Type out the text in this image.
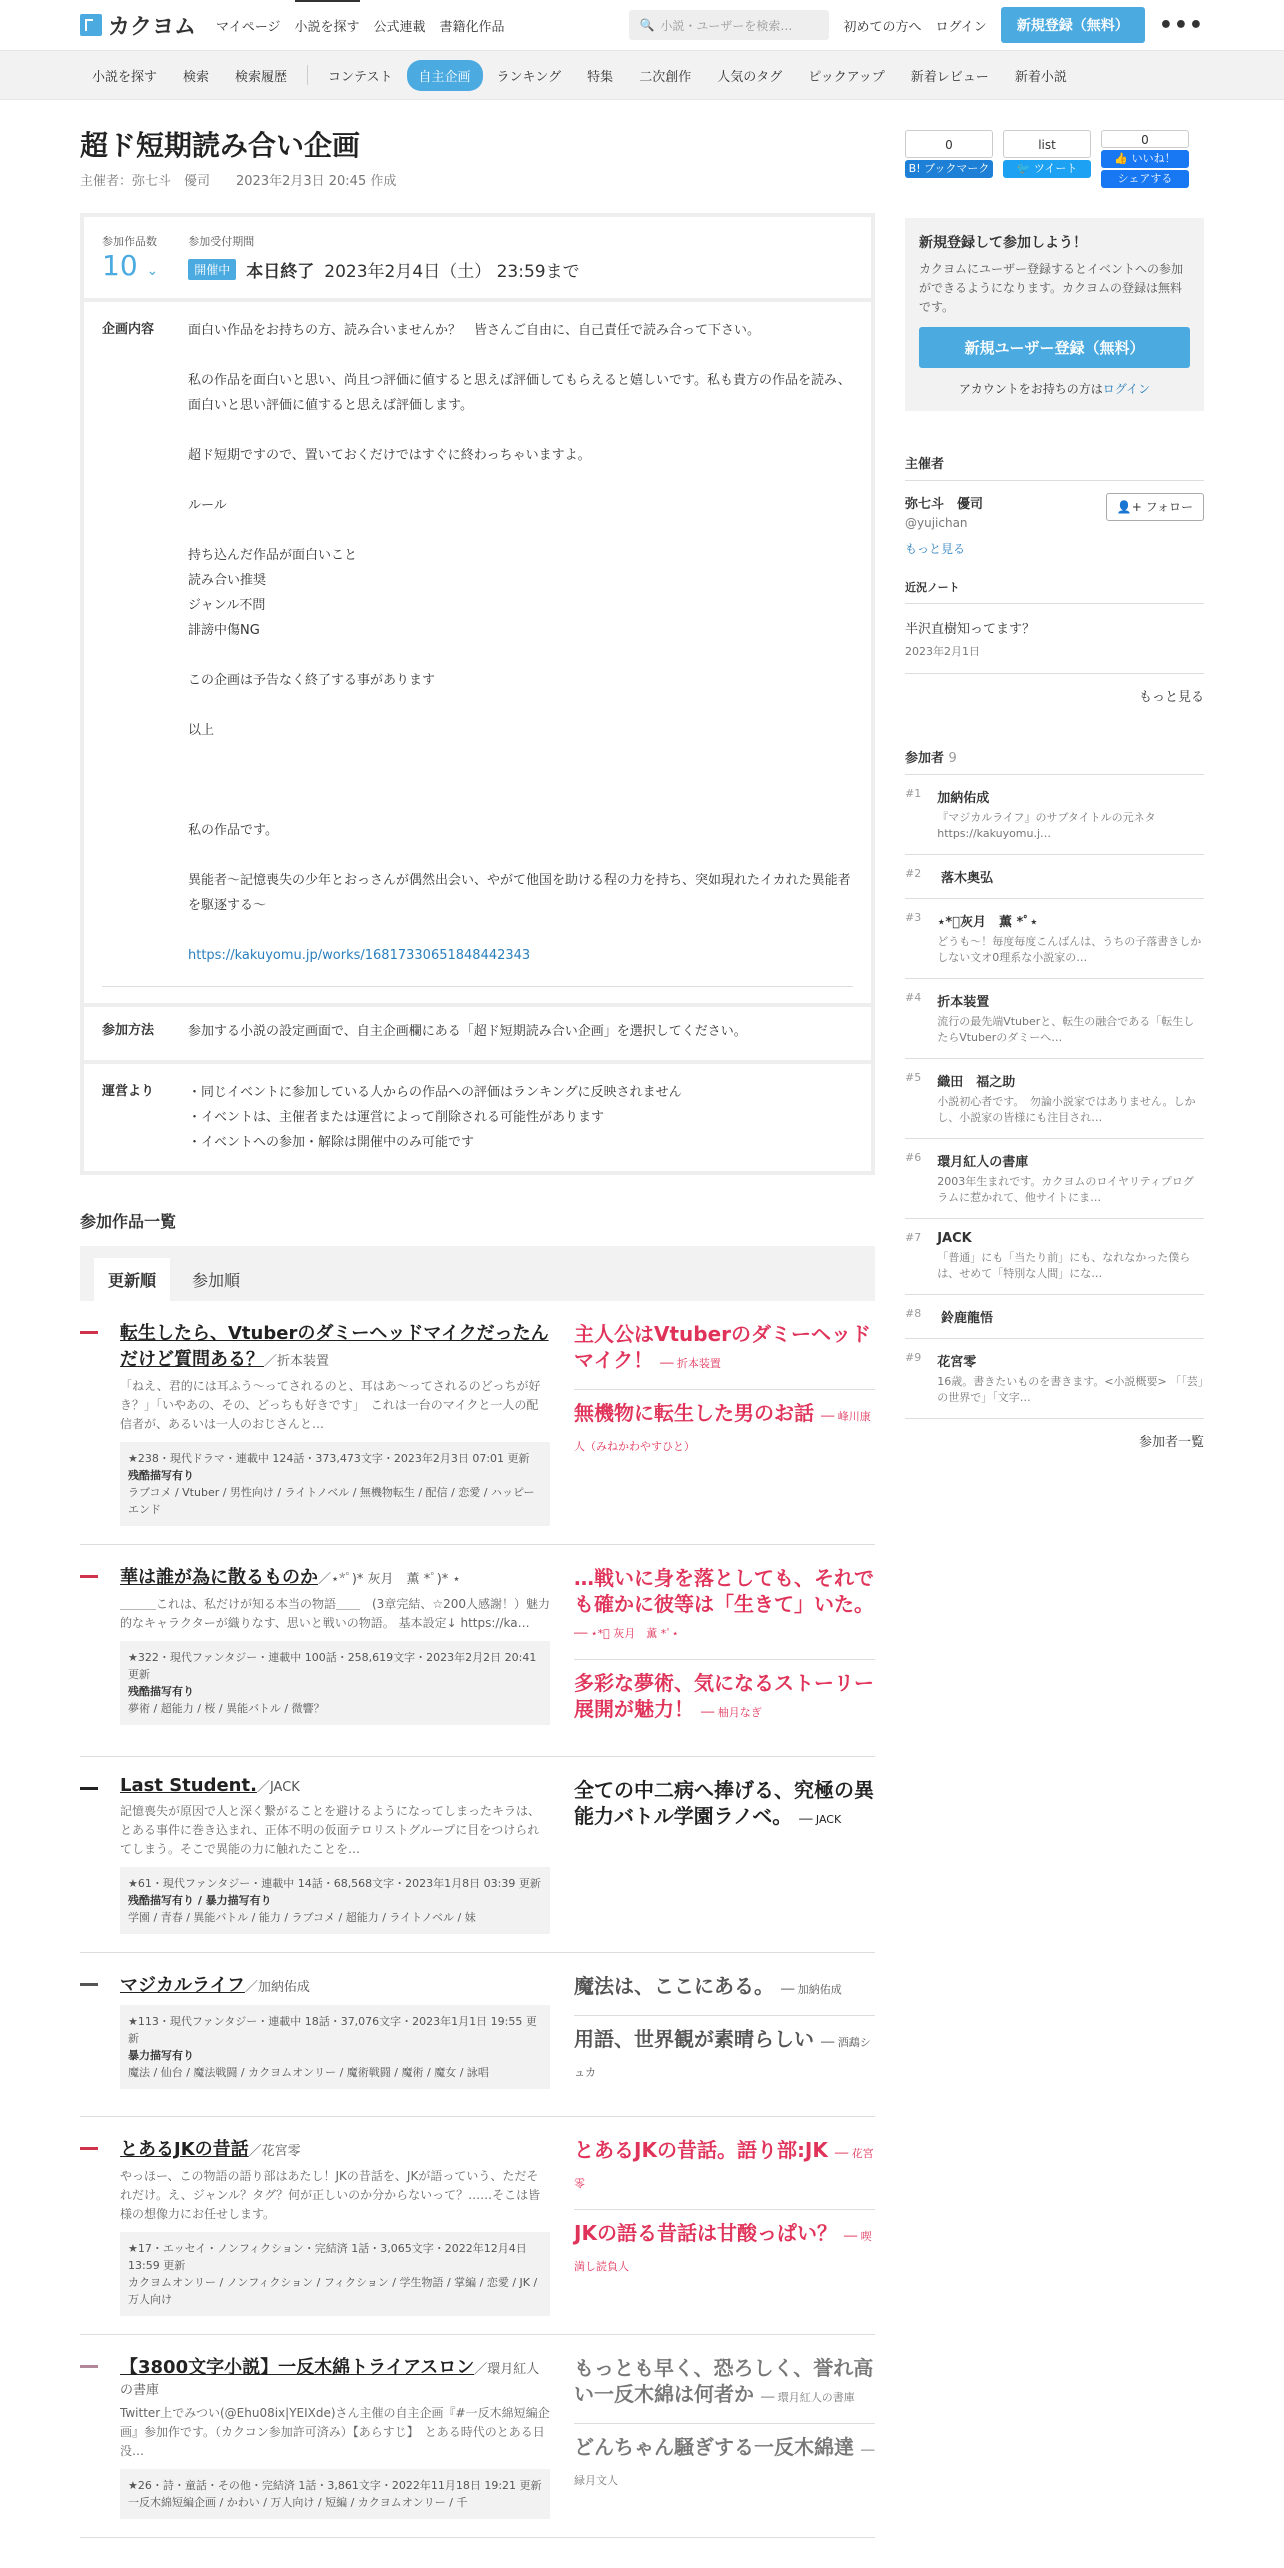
カクヨム マイページ 小説を探す 公式連載 書籍化作品	🔍 小説・ユーザーを検索…	初めての方へ ログイン	新規登録（無料）	•••
小説を探す	検索	検索履歴	コンテスト	自主企画	ランキング	特集	二次創作	人気のタグ	ピックアップ	新着レビュー	新着小説
超ド短期読み合い企画
主催者：弥七斗　優司　　2023年2月3日 20:45 作成
参加作品数
10 ⌄
参加受付期間
開催中 本日終了 2023年2月4日（土） 23:59まで
企画内容	面白い作品をお持ちの方、読み合いませんか？　皆さんご自由に、自己責任で読み合って下さい。

私の作品を面白いと思い、尚且つ評価に値すると思えば評価してもらえると嬉しいです。私も貴方の作品を読み、面白いと思い評価に値すると思えば評価します。

超ド短期ですので、置いておくだけではすぐに終わっちゃいますよ。

ルール

持ち込んだ作品が面白いこと

読み合い推奨

ジャンル不問

誹謗中傷NG

この企画は予告なく終了する事があります

以上

私の作品です。

異能者〜記憶喪失の少年とおっさんが偶然出会い、やがて他国を助ける程の力を持ち、突如現れたイカれた異能者を駆逐する〜

https://kakuyomu.jp/works/16817330651848442343

参加方法	参加する小説の設定画面で、自主企画欄にある「超ド短期読み合い企画」を選択してください。
運営より	・同じイベントに参加している人からの作品への評価はランキングに反映されません

・イベントは、主催者または運営によって削除される可能性があります

・イベントへの参加・解除は開催中のみ可能です

参加作品一覧
更新順	参加順
転生したら、Vtuberのダミーヘッドマイクだったんだけど質問ある？／折本装置
「ねえ、君的には耳ふう～ってされるのと、耳はあ～ってされるのどっちが好き？」「いやあの、その、どっちも好きです」　これは一台のマイクと一人の配信者が、あるいは一人のおじさんと…
★238・現代ドラマ・連載中 124話・373,473文字・2023年2月3日 07:01 更新
残酷描写有り
ラブコメ / Vtuber / 男性向け / ライトノベル / 無機物転生 / 配信 / 恋愛 / ハッピーエンド
主人公はVtuberのダミーヘッドマイク！ ── 折本装置
無機物に転生した男のお話 ── 峰川康人（みねかわやすひと）
華は誰が為に散るものか／⋆*ﾟ)* 灰月　薫 *ﾟ)* ⋆
＿＿＿これは、私だけが知る本当の物語＿＿　(3章完結、☆200人感謝！）魅力的なキャラクターが織りなす、思いと戦いの物語。 基本設定↓ https://ka…
★322・現代ファンタジー・連載中 100話・258,619文字・2023年2月2日 20:41 更新
残酷描写有り
夢術 / 超能力 / 桜 / 異能バトル / 微響？
…戦いに身を落としても、それでも確かに彼等は「生きて」いた。 ── ⋆*ﾟ 灰月　薫 *ﾟ⋆
多彩な夢術、気になるストーリー展開が魅力！ ── 柚月なぎ
Last Student.／JACK
記憶喪失が原因で人と深く繋がることを避けるようになってしまったキラは、とある事件に巻き込まれ、正体不明の仮面テロリストグループに目をつけられてしまう。そこで異能の力に触れたことを…
★61・現代ファンタジー・連載中 14話・68,568文字・2023年1月8日 03:39 更新
残酷描写有り / 暴力描写有り
学園 / 青春 / 異能バトル / 能力 / ラブコメ / 超能力 / ライトノベル / 妹
全ての中二病へ捧げる、究極の異能力バトル学園ラノベ。 ── JACK
マジカルライフ／加納佑成
★113・現代ファンタジー・連載中 18話・37,076文字・2023年1月1日 19:55 更新
暴力描写有り
魔法 / 仙台 / 魔法戦闘 / カクヨムオンリー / 魔術戦闘 / 魔術 / 魔女 / 詠唱
魔法は、ここにある。 ── 加納佑成
用語、世界観が素晴らしい ── 酒鵡シュカ
とあるJKの昔話／花宮零
やっほー、この物語の語り部はあたし！JKの昔話を、JKが語っていう、ただそれだけ。え、ジャンル？タグ？何が正しいのか分からないって？……そこは皆様の想像力にお任せします。
★17・エッセイ・ノンフィクション・完結済 1話・3,065文字・2022年12月4日 13:59 更新
カクヨムオンリー / ノンフィクション / フィクション / 学生物語 / 掌編 / 恋愛 / JK / 万人向け
とあるJKの昔話。語り部:JK ── 花宮零
JKの語る昔話は甘酸っぱい？ ── 喫満し読負人
【3800文字小説】一反木綿トライアスロン／環月紅人の書庫
Twitter上でみつい(@Ehu08ix|YEIXde)さん主催の自主企画『#一反木綿短編企画』参加作です。（カクコン参加許可済み）【あらすじ】　とある時代のとある日没…
★26・詩・童話・その他・完結済 1話・3,861文字・2022年11月18日 19:21 更新
一反木綿短編企画 / かわい / 万人向け / 短編 / カクヨムオンリー / 千
もっとも早く、恐ろしく、誉れ高い一反木綿は何者か ── 環月紅人の書庫
どんちゃん騒ぎする一反木綿達 ── 緑月文人
0
B! ブックマーク
list
🐦 ツイート
0
👍 いいね！
シェアする
新規登録して参加しよう！

カクヨムにユーザー登録するとイベントへの参加ができるようになります。カクヨムの登録は無料です。

新規ユーザー登録（無料）
アカウントをお持ちの方はログイン
主催者
弥七斗　優司
@yujichan
👤+ フォロー
もっと見る
近況ノート
半沢直樹知ってます？
2023年2月1日
もっと見る
参加者 9
#1 加納佑成
『マジカルライフ』のサブタイトルの元ネタ https://kakuyomu.j…
#2 落木奥弘
#3 ⋆*ﾟ灰月　薫 *ﾟ⋆
どうも〜！毎度毎度こんばんは、うちの子落書きしかしない文オ0理系な小説家の…
#4 折本装置
流行の最先端Vtuberと、転生の融合である「転生したらVtuberのダミーへ…
#5 織田　福之助
小説初心者です。　勿論小説家ではありません。しかし、小説家の皆様にも注目され…
#6 環月紅人の書庫
2003年生まれです。カクヨムのロイヤリティプログラムに惹かれて、他サイトにま…
#7 JACK
「普通」にも「当たり前」にも、なれなかった僕らは、せめて「特別な人間」にな…
#8 鈴鹿龍悟
#9 花宮零
16歳。書きたいものを書きます。<小説概要> 「「芸」の世界で」「文字…
参加者一覧
